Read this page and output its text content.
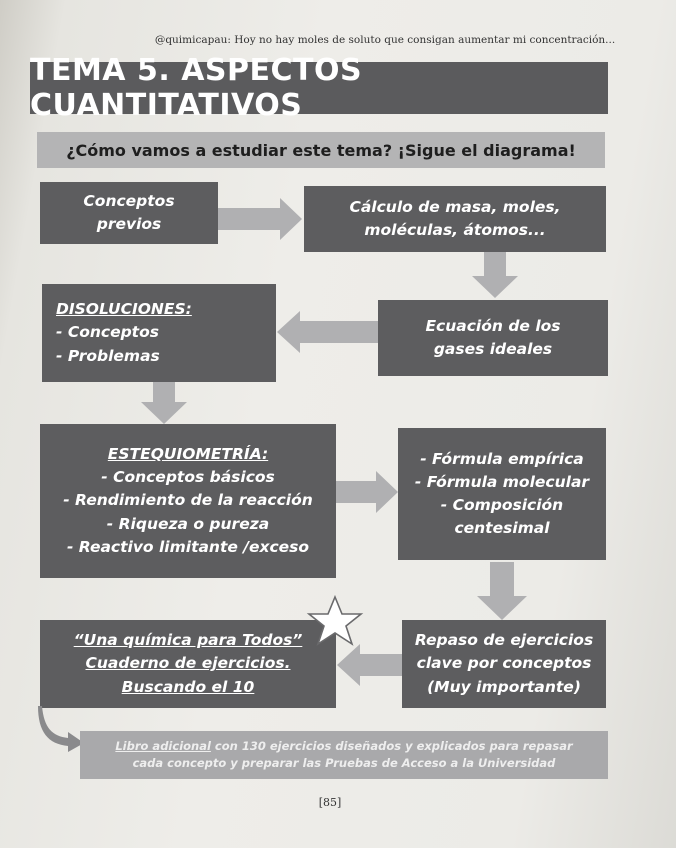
@quimicapau: Hoy no hay moles de soluto que consigan aumentar mi concentración...
TEMA 5. ASPECTOS CUANTITATIVOS
¿Cómo vamos a estudiar este tema? ¡Sigue el diagrama!
Conceptos
previos
Cálculo de masa, moles,
moléculas, átomos...
DISOLUCIONES:
- Conceptos
- Problemas
Ecuación de los
gases ideales
ESTEQUIOMETRÍA:
- Conceptos básicos
- Rendimiento de la reacción
- Riqueza o pureza
- Reactivo limitante /exceso
- Fórmula empírica
- Fórmula molecular
- Composición
centesimal
“Una química para Todos”
Cuaderno de ejercicios.
Buscando el 10
Repaso de ejercicios
clave por conceptos
(Muy importante)
Libro adicional con 130 ejercicios diseñados y explicados para repasar
cada concepto y preparar las Pruebas de Acceso a la Universidad
[85]
